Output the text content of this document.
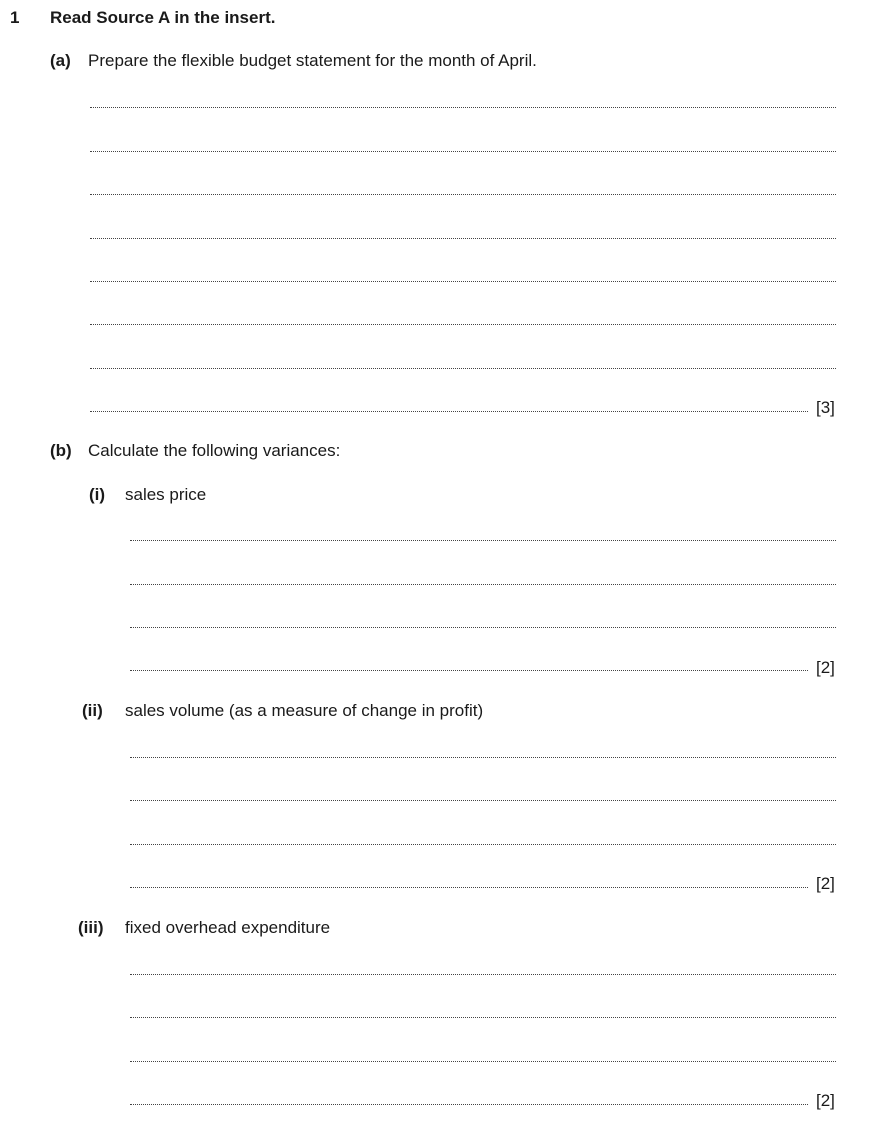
1 Read Source A in the insert.
(a) Prepare the flexible budget statement for the month of April.
[3]
(b) Calculate the following variances:
(i) sales price
[2]
(ii) sales volume (as a measure of change in profit)
[2]
(iii) fixed overhead expenditure
[2]
